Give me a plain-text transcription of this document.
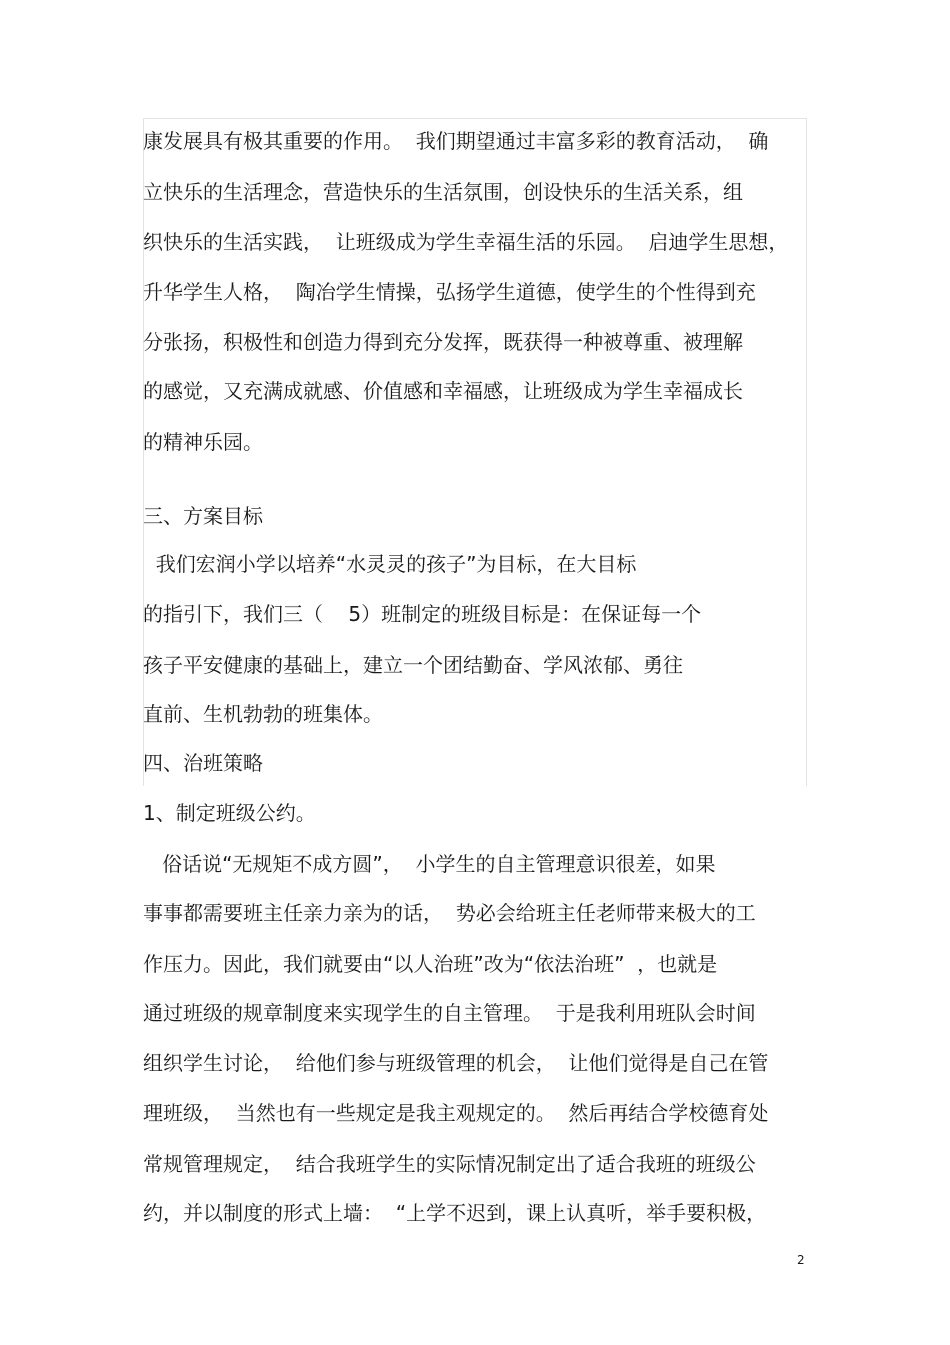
康发展具有极其重要的作用。  我们期望通过丰富多彩的教育活动，  确

立快乐的生活理念，营造快乐的生活氛围，创设快乐的生活关系，组

织快乐的生活实践，  让班级成为学生幸福生活的乐园。  启迪学生思想，

升华学生人格，  陶冶学生情操，弘扬学生道德，使学生的个性得到充

分张扬，积极性和创造力得到充分发挥，既获得一种被尊重、被理解

的感觉，又充满成就感、价值感和幸福感，让班级成为学生幸福成长

的精神乐园。

三、方案目标

我们宏润小学以培养“水灵灵的孩子”为目标，在大目标

的指引下，我们三（    5）班制定的班级目标是：在保证每一个

孩子平安健康的基础上，建立一个团结勤奋、学风浓郁、勇往

直前、生机勃勃的班集体。

四、治班策略

1、制定班级公约。

俗话说“无规矩不成方圆”，  小学生的自主管理意识很差，如果

事事都需要班主任亲力亲为的话，  势必会给班主任老师带来极大的工

作压力。因此，我们就要由“以人治班”改为“依法治班”  ，也就是

通过班级的规章制度来实现学生的自主管理。  于是我利用班队会时间

组织学生讨论，  给他们参与班级管理的机会，  让他们觉得是自己在管

理班级，  当然也有一些规定是我主观规定的。  然后再结合学校德育处

常规管理规定，  结合我班学生的实际情况制定出了适合我班的班级公

约，并以制度的形式上墙：  “上学不迟到，课上认真听，举手要积极，

2
